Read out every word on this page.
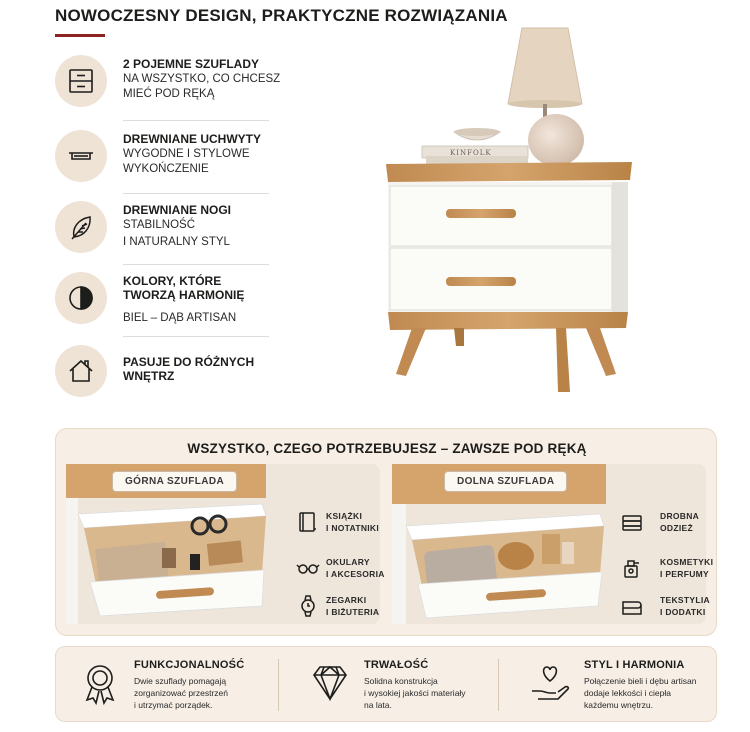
NOWOCZESNY DESIGN, PRAKTYCZNE ROZWIĄZANIA
2 POJEMNE SZUFLADY
NA WSZYSTKO, CO CHCESZ
MIEĆ POD RĘKĄ
DREWNIANE UCHWYTY
WYGODNE I STYLOWE
WYKOŃCZENIE
DREWNIANE NOGI
STABILNOŚĆ
I NATURALNY STYL
KOLORY, KTÓRE TWORZĄ HARMONIĘ
BIEL – DĄB ARTISAN
PASUJE DO RÓŻNYCH WNĘTRZ
KINFOLK
WSZYSTKO, CZEGO POTRZEBUJESZ – ZAWSZE POD RĘKĄ
GÓRNA SZUFLADA
KSIĄŻKI
I NOTATNIKI
OKULARY
I AKCESORIA
ZEGARKI
I BIŻUTERIA
DOLNA SZUFLADA
DROBNA
ODZIEŻ
KOSMETYKI
I PERFUMY
TEKSTYLIA
I DODATKI
FUNKCJONALNOŚĆ
Dwie szuflady pomagają
zorganizować przestrzeń
i utrzymać porządek.
TRWAŁOŚĆ
Solidna konstrukcja
i wysokiej jakości materiały
na lata.
STYL I HARMONIA
Połączenie bieli i dębu artisan
dodaje lekkości i ciepła
każdemu wnętrzu.
